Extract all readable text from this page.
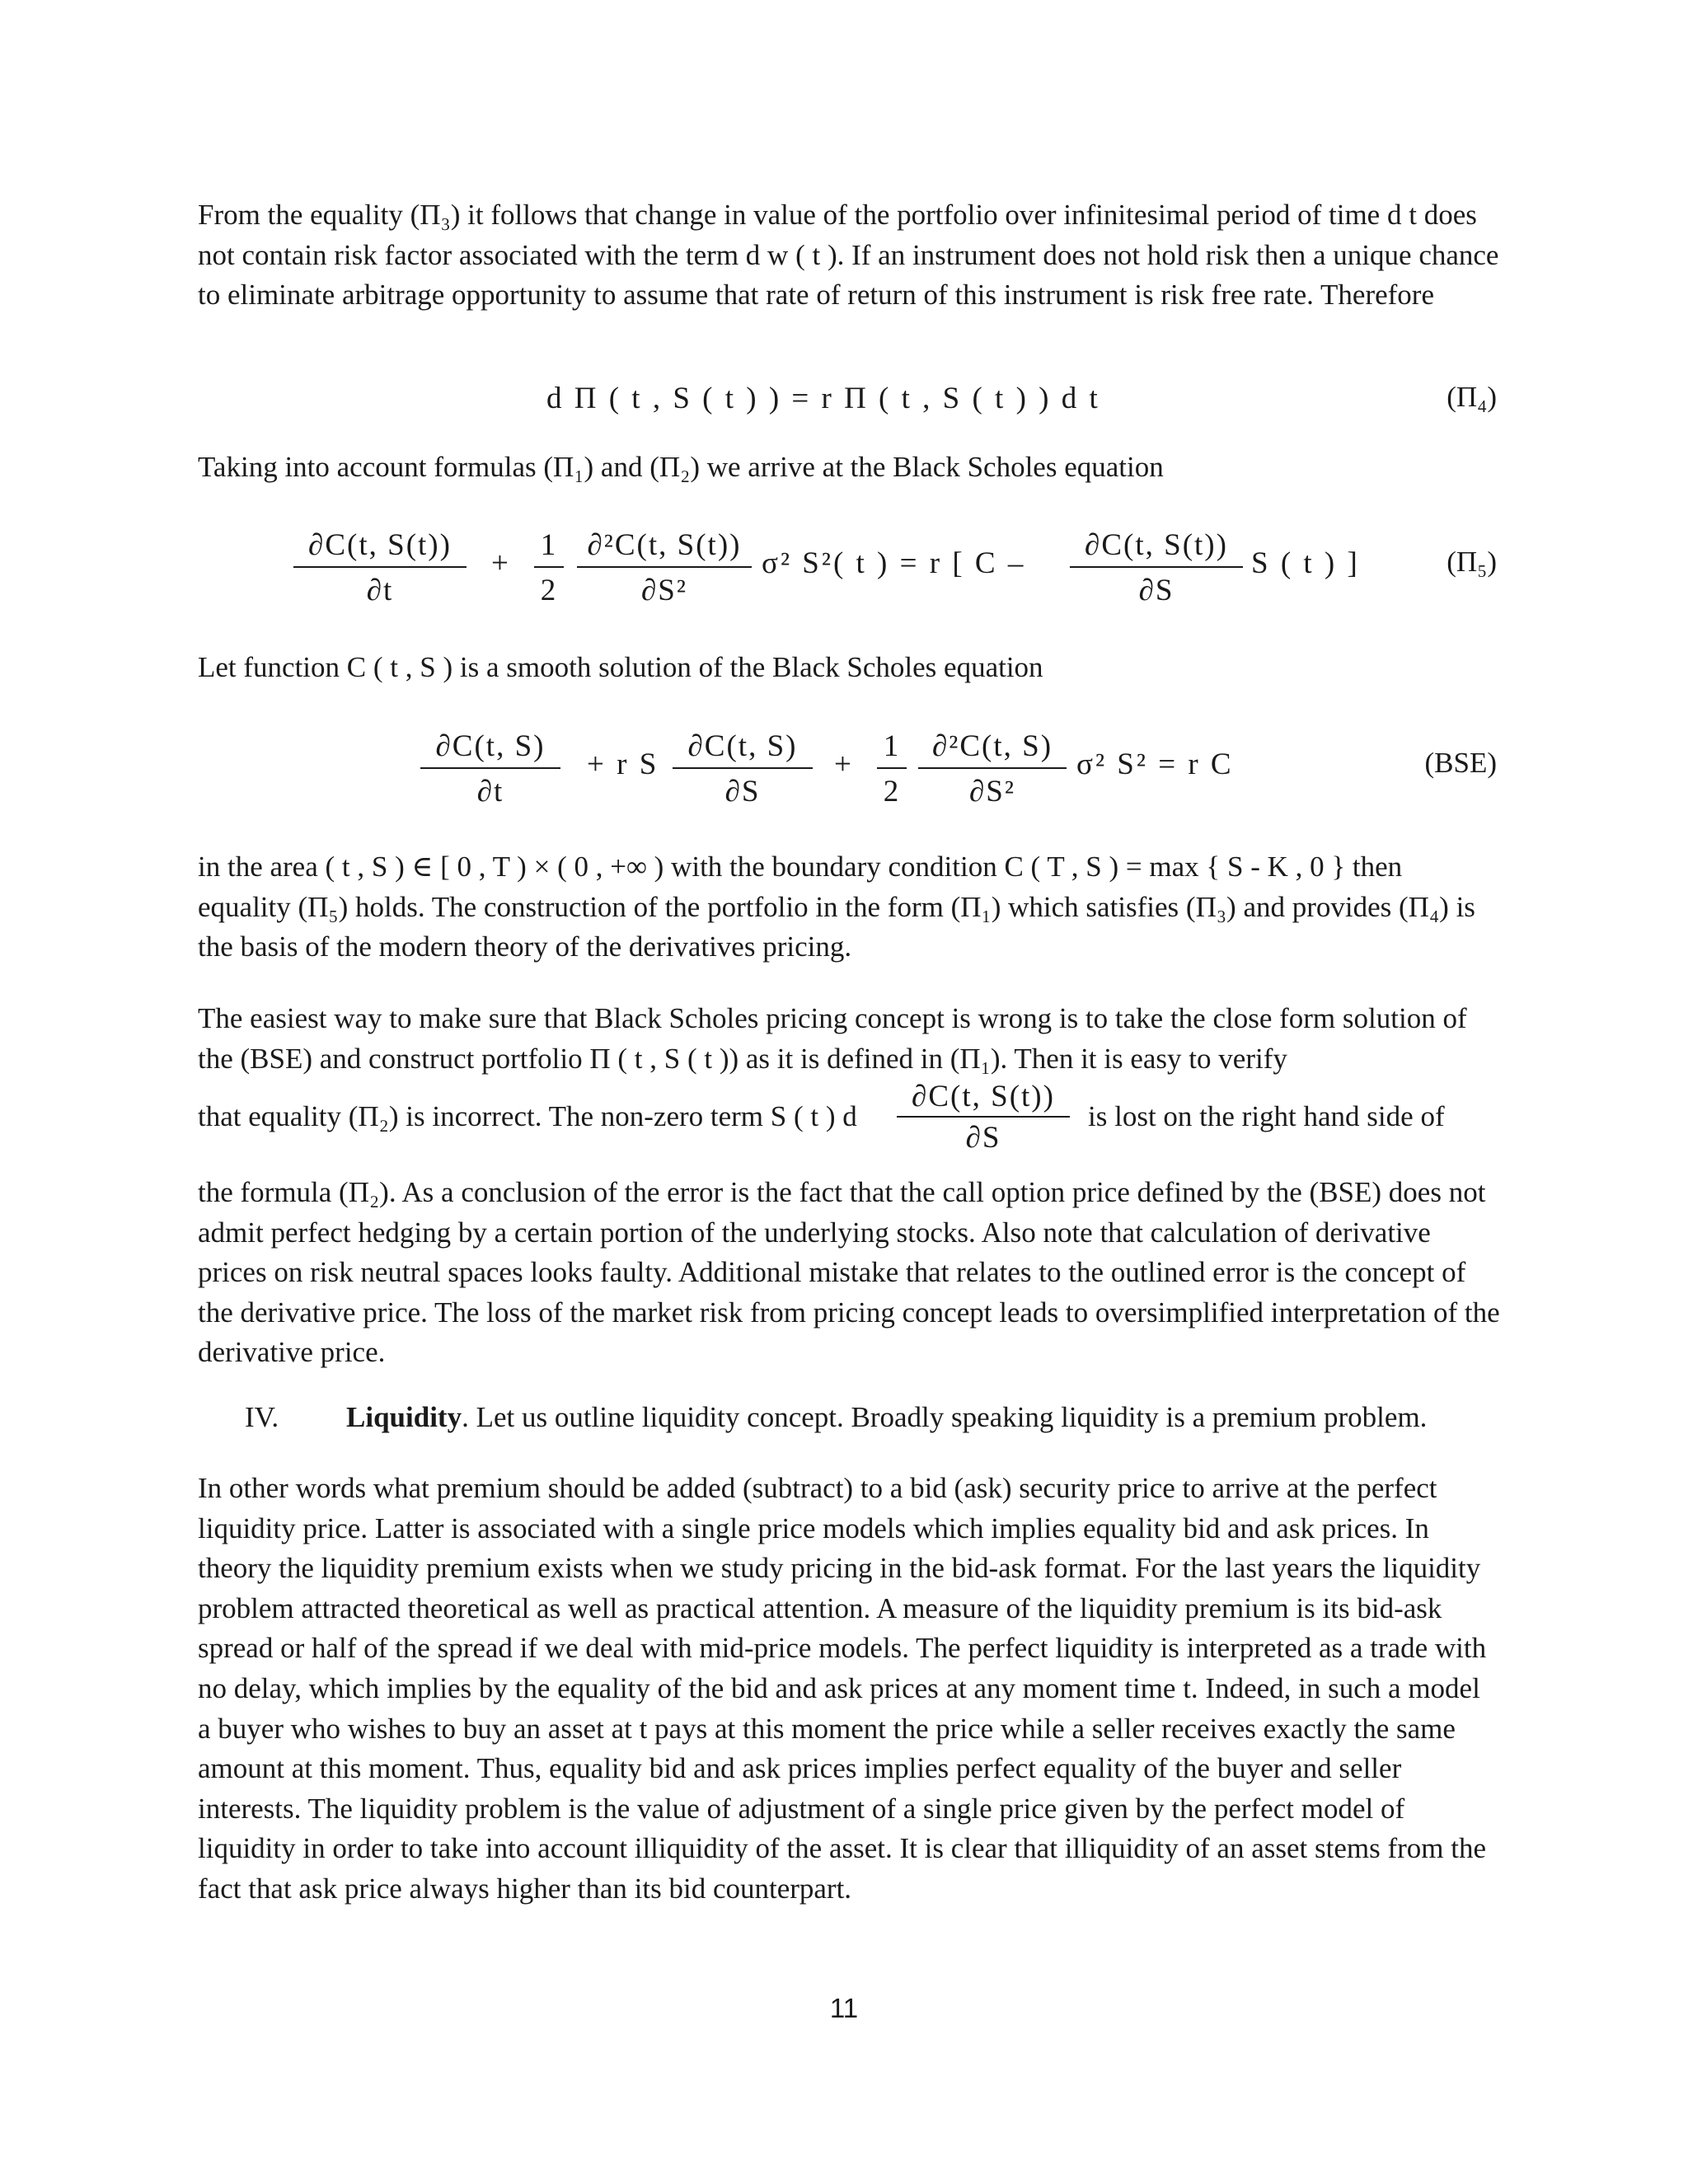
From the equality (Π₃) it follows that change in value of the portfolio over infinitesimal period of time d t does not contain risk factor associated with the term d w ( t ). If an instrument does not hold risk then a unique chance to eliminate arbitrage opportunity to assume that rate of return of this instrument is risk free rate. Therefore

d Π ( t , S ( t ) ) = r Π ( t , S ( t ) ) d t	(Π₄)

Taking into account formulas (Π₁) and (Π₂) we arrive at the Black Scholes equation

$\frac{\partial C(t, S(t))}{\partial t} + \frac{1}{2} \frac{\text{∂²C(t, S(t))}}{\text{∂S²}} \sigma^2$ S²( t ) = r [ C – $\frac{\partial C(t, S(t))}{\partial S}$ S ( t ) ]	(Π₅)

Let function C ( t , S ) is a smooth solution of the Black Scholes equation

$\frac{\partial C(t, S)}{\partial t} + r$ S $\frac{\partial C(t, S)}{\partial S} + \frac{1}{2} \frac{\text{∂²C(t, S)}}{\text{∂S²}} \sigma^2$ S² = r C	(BSE)

in the area ( t , S ) ∈ [ 0 , T ) × ( 0 , +∞ ) with the boundary condition C ( T , S ) = max { S - K , 0 } then equality (Π₅) holds. The construction of the portfolio in the form (Π₁) which satisfies (Π₃) and provides (Π₄) is the basis of the modern theory of the derivatives pricing.

The easiest way to make sure that Black Scholes pricing concept is wrong is to take the close form solution of the (BSE) and construct portfolio Π ( t , S ( t )) as it is defined in (Π₁). Then it is easy to verify

that equality (Π₂) is incorrect. The non-zero term S ( t ) d $\frac{\partial C(t, S(t))}{\partial S}$ is lost on the right hand side of

the formula (Π₂). As a conclusion of the error is the fact that the call option price defined by the (BSE) does not admit perfect hedging by a certain portion of the underlying stocks. Also note that calculation of derivative prices on risk neutral spaces looks faulty. Additional mistake that relates to the outlined error is the concept of the derivative price. The loss of the market risk from pricing concept leads to oversimplified interpretation of the derivative price.

IV. Liquidity. Let us outline liquidity concept. Broadly speaking liquidity is a premium problem.

In other words what premium should be added (subtract) to a bid (ask) security price to arrive at the perfect liquidity price. Latter is associated with a single price models which implies equality bid and ask prices. In theory the liquidity premium exists when we study pricing in the bid-ask format. For the last years the liquidity problem attracted theoretical as well as practical attention. A measure of the liquidity premium is its bid-ask spread or half of the spread if we deal with mid-price models. The perfect liquidity is interpreted as a trade with no delay, which implies by the equality of the bid and ask prices at any moment time t. Indeed, in such a model a buyer who wishes to buy an asset at t pays at this moment the price while a seller receives exactly the same amount at this moment. Thus, equality bid and ask prices implies perfect equality of the buyer and seller interests. The liquidity problem is the value of adjustment of a single price given by the perfect model of liquidity in order to take into account illiquidity of the asset. It is clear that illiquidity of an asset stems from the fact that ask price always higher than its bid counterpart.

11
